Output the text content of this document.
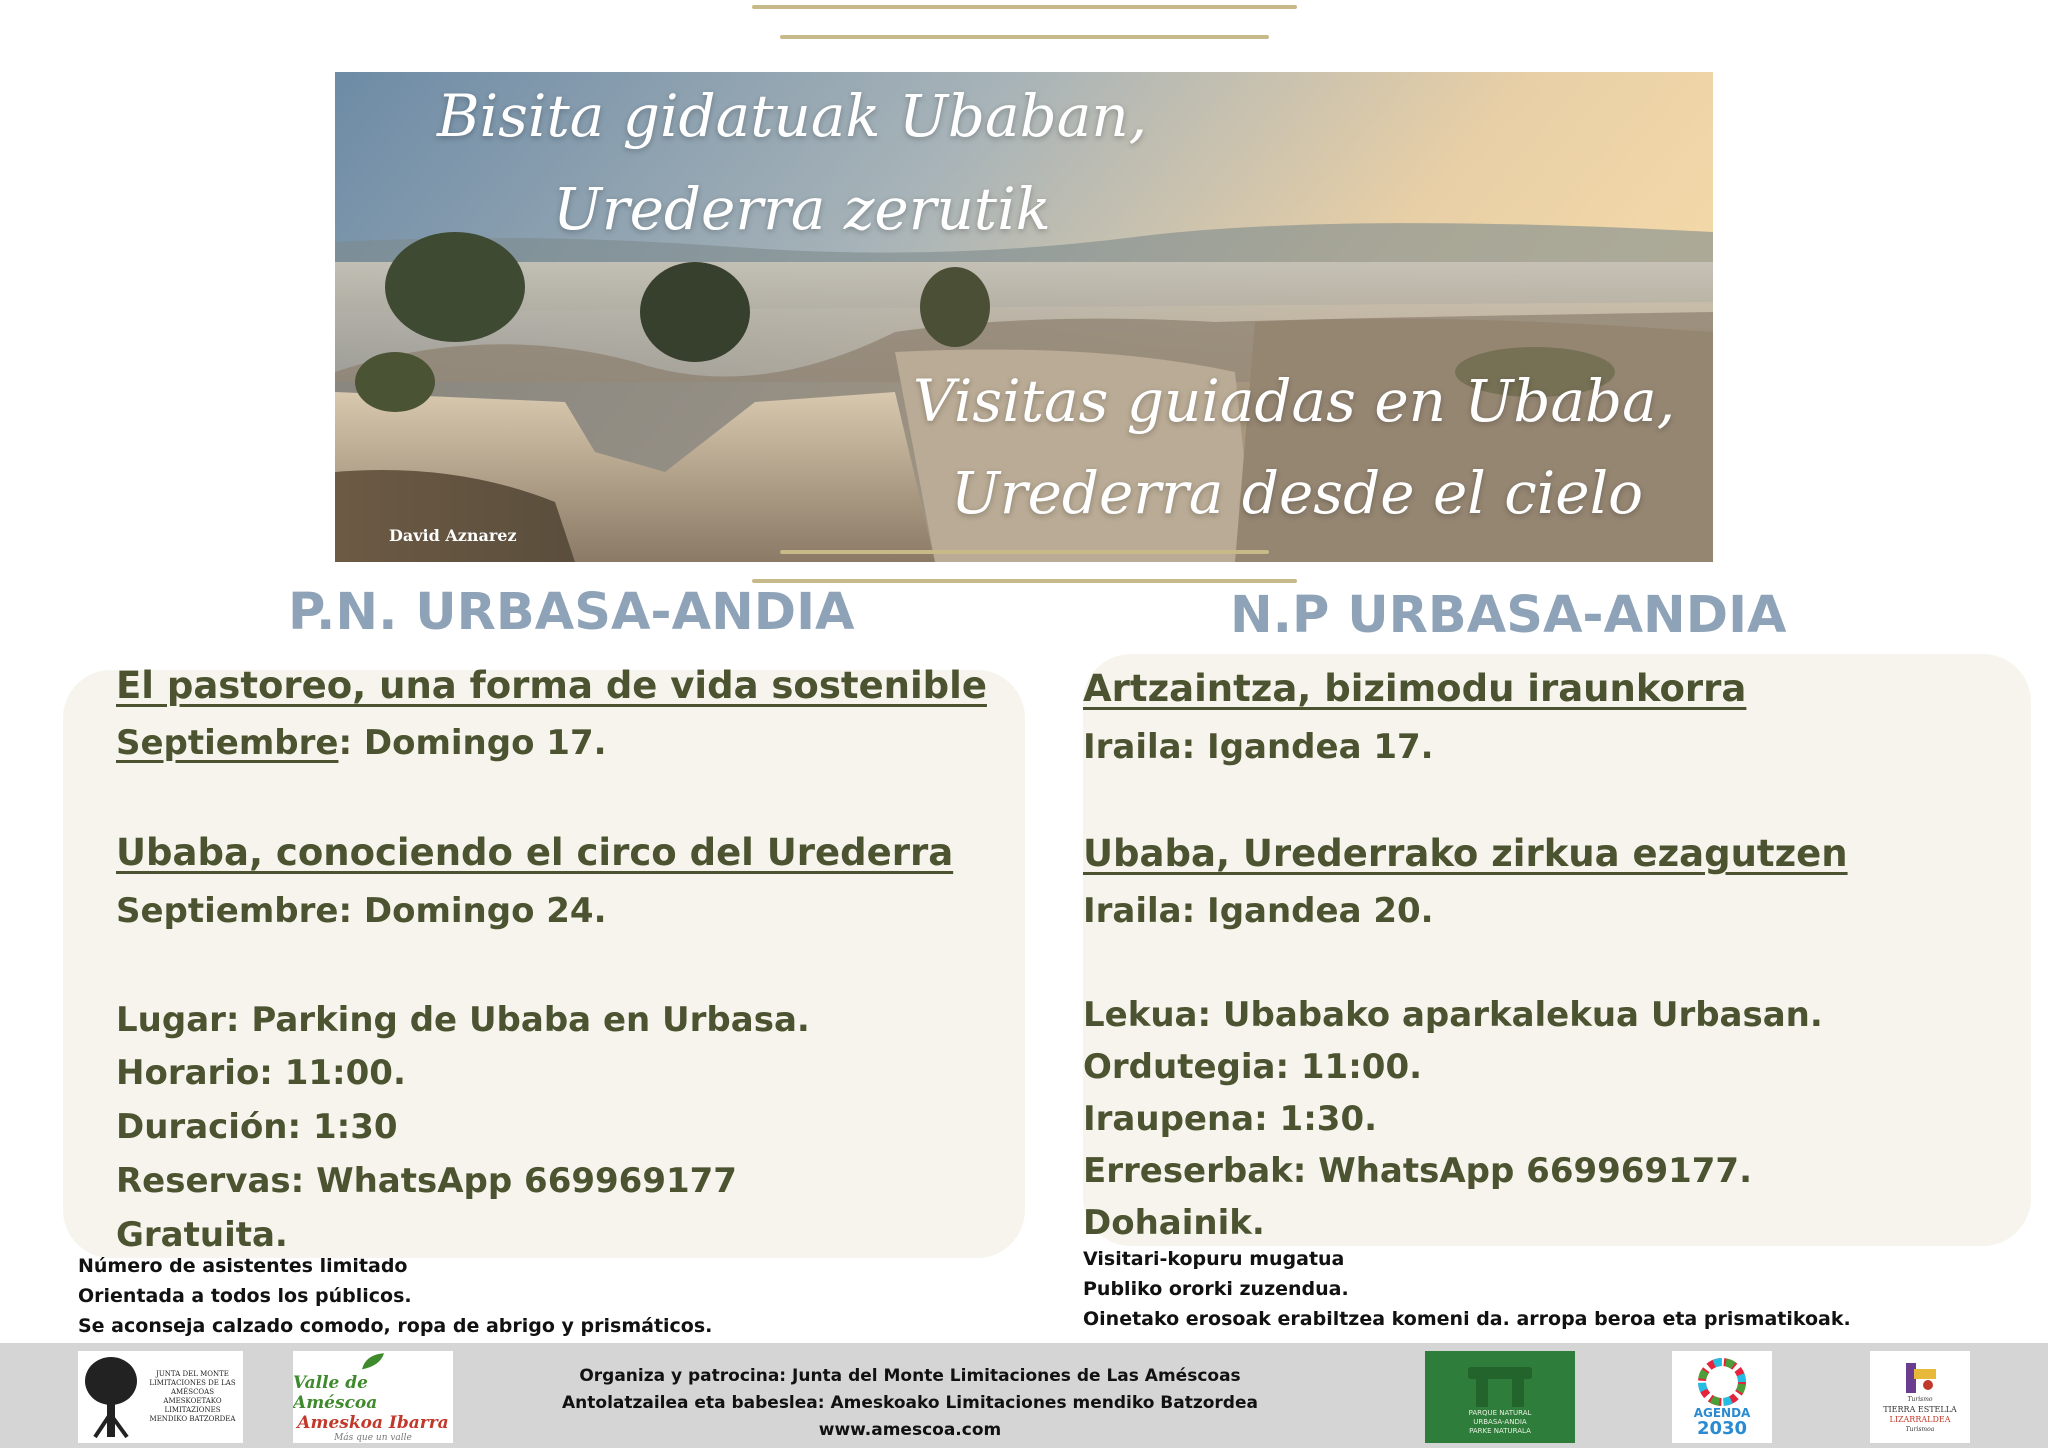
Bisita gidatuak Ubaban,
Urederra zerutik
Visitas guiadas en Ubaba,
Urederra desde el cielo
David Aznarez
P.N. URBASA-ANDIA	N.P URBASA-ANDIA
El pastoreo, una forma de vida sostenible
Septiembre: Domingo 17.
Ubaba, conociendo el circo del Urederra
Septiembre: Domingo 24.
Lugar: Parking de Ubaba en Urbasa.
Horario: 11:00.
Duración: 1:30
Reservas: WhatsApp 669969177
Gratuita.
Número de asistentes limitado
Orientada a todos los públicos.
Se aconseja calzado comodo, ropa de abrigo y prismáticos.
Artzaintza, bizimodu iraunkorra
Iraila: Igandea 17.
Ubaba, Urederrako zirkua ezagutzen
Iraila: Igandea 20.
Lekua: Ubabako aparkalekua Urbasan.
Ordutegia: 11:00.
Iraupena: 1:30.
Erreserbak: WhatsApp 669969177.
Dohainik.
Visitari-kopuru mugatua
Publiko ororki zuzendua.
Oinetako erosoak erabiltzea komeni da. arropa beroa eta prismatikoak.
JUNTA DEL MONTE
LIMITACIONES DE LAS AMÉSCOAS
AMESKOETAKO LIMITAZIONES
MENDIKO BATZORDEA
Valle de Améscoa
Ameskoa Ibarra
Más que un valle
Organiza y patrocina: Junta del Monte Limitaciones de Las Améscoas
Antolatzailea eta babeslea: Ameskoako Limitaciones mendiko Batzordea
www.amescoa.com
PARQUE NATURAL
URBASA-ANDIA
PARKE NATURALA
AGENDA
2030
Turismo
TIERRA ESTELLA
LIZARRALDEA
Turismoa
